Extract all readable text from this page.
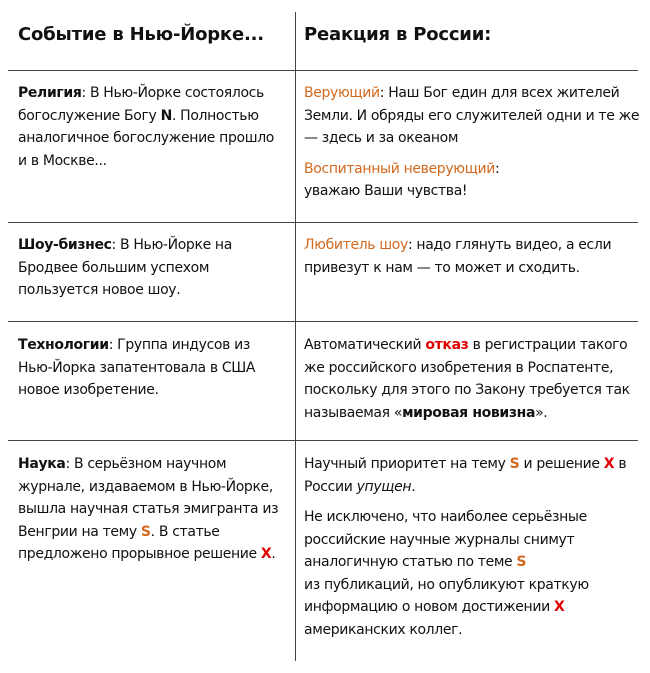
Событие в Нью-Йорке... Реакция в России:

Религия: В Нью-Йорке состоялось богослужение Богу N. Полностью аналогичное богослужение прошло и в Москве...

Верующий: Наш Бог един для всех жителей Земли. И обряды его служителей одни и те же — здесь и за океаном

Воспитанный неверующий:
уважаю Ваши чувства!

Шоу-бизнес: В Нью-Йорке на Бродвее большим успехом пользуется новое шоу.

Любитель шоу: надо глянуть видео, а если привезут к нам — то может и сходить.

Технологии: Группа индусов из Нью-Йорка запатентовала в США новое изобретение.

Автоматический отказ в регистрации такого же российского изобретения в Роспатенте, поскольку для этого по Закону требуется так называемая «мировая новизна».

Наука: В серьёзном научном журнале, издаваемом в Нью-Йорке, вышла научная статья эмигранта из Венгрии на тему S. В статье предложено прорывное решение X.

Научный приоритет на тему S и решение X в России упущен.

Не исключено, что наиболее серьёзные российские научные журналы снимут аналогичную статью по теме S
из публикаций, но опубликуют краткую информацию о новом достижении X американских коллег.
